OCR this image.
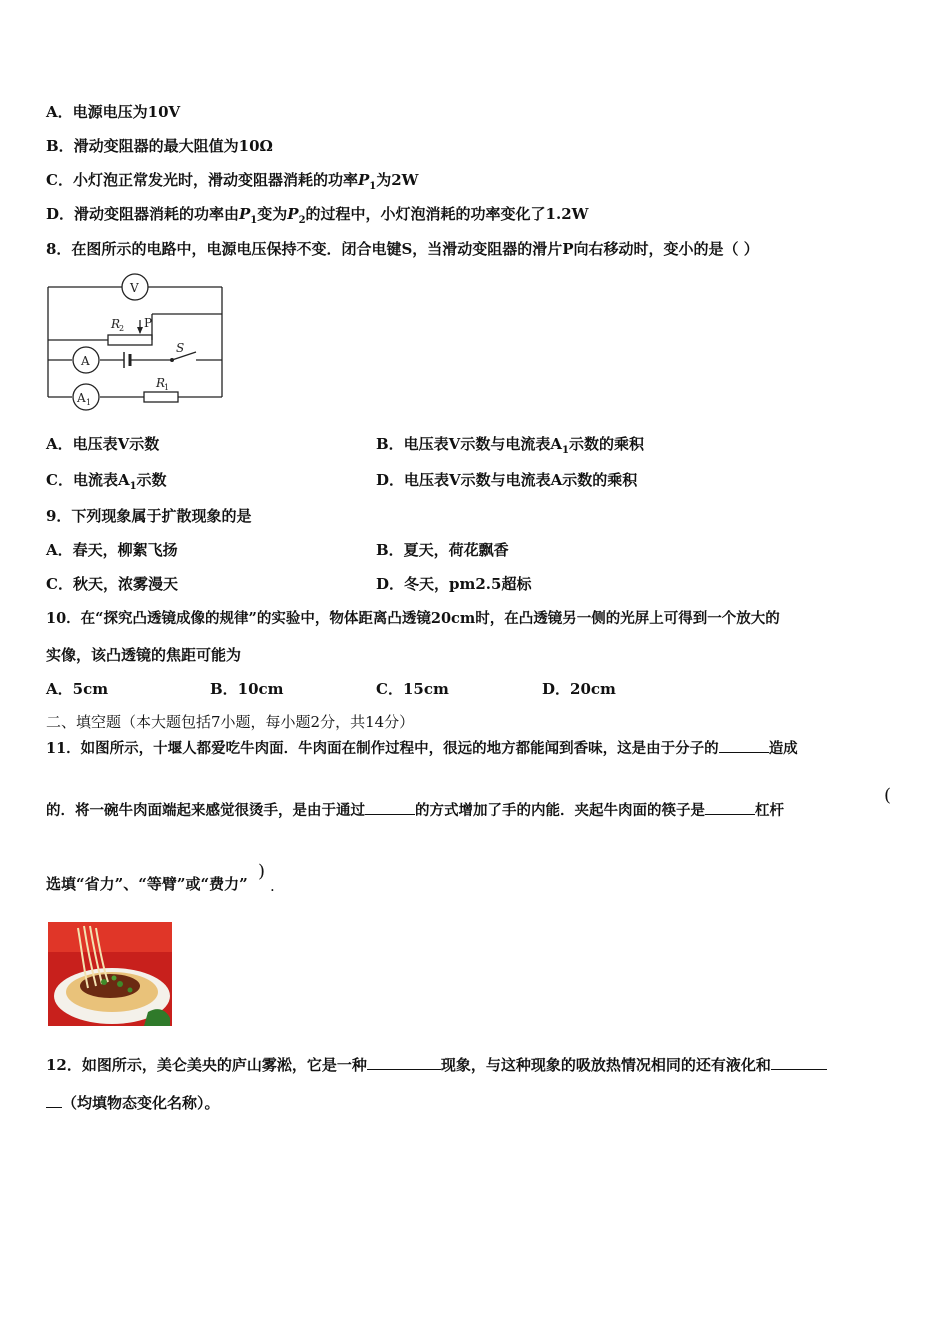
A．电源电压为10V
B．滑动变阻器的最大阻值为10Ω
C．小灯泡正常发光时，滑动变阻器消耗的功率$P_1$为2W
D．滑动变阻器消耗的功率由$P_1$变为$P_2$的过程中，小灯泡消耗的功率变化了1.2W
8．在图所示的电路中，电源电压保持不变．闭合电键S，当滑动变阻器的滑片P向右移动时，变小的是（ ）
V
A
A 1
R
2 P
S
R
1
A．电压表V示数	B．电压表V示数与电流表$A_1$示数的乘积
C．电流表$A_1$示数	D．电压表V示数与电流表A示数的乘积
9．下列现象属于扩散现象的是
A．春天，柳絮飞扬	B．夏天，荷花飘香
C．秋天，浓雾漫天	D．冬天，pm2.5超标
10．在“探究凸透镜成像的规律”的实验中，物体距离凸透镜20cm时，在凸透镜另一侧的光屏上可得到一个放大的
实像，该凸透镜的焦距可能为
A．5cm	B．10cm	C．15cm	D．20cm
二、填空题（本大题包括7小题，每小题2分，共14分）
11．如图所示，十堰人都爱吃牛肉面．牛肉面在制作过程中，很远的地方都能闻到香味，这是由于分子的	造成
的．将一碗牛肉面端起来感觉很烫手，是由于通过	的方式增加了手的内能．夹起牛肉面的筷子是	杠杆
(
选填“省力”、“等臂”或“费力”
)
.
12．如图所示，美仑美央的庐山雾淞，它是一种	现象，与这种现象的吸放热情况相同的还有液化和
（均填物态变化名称）。
